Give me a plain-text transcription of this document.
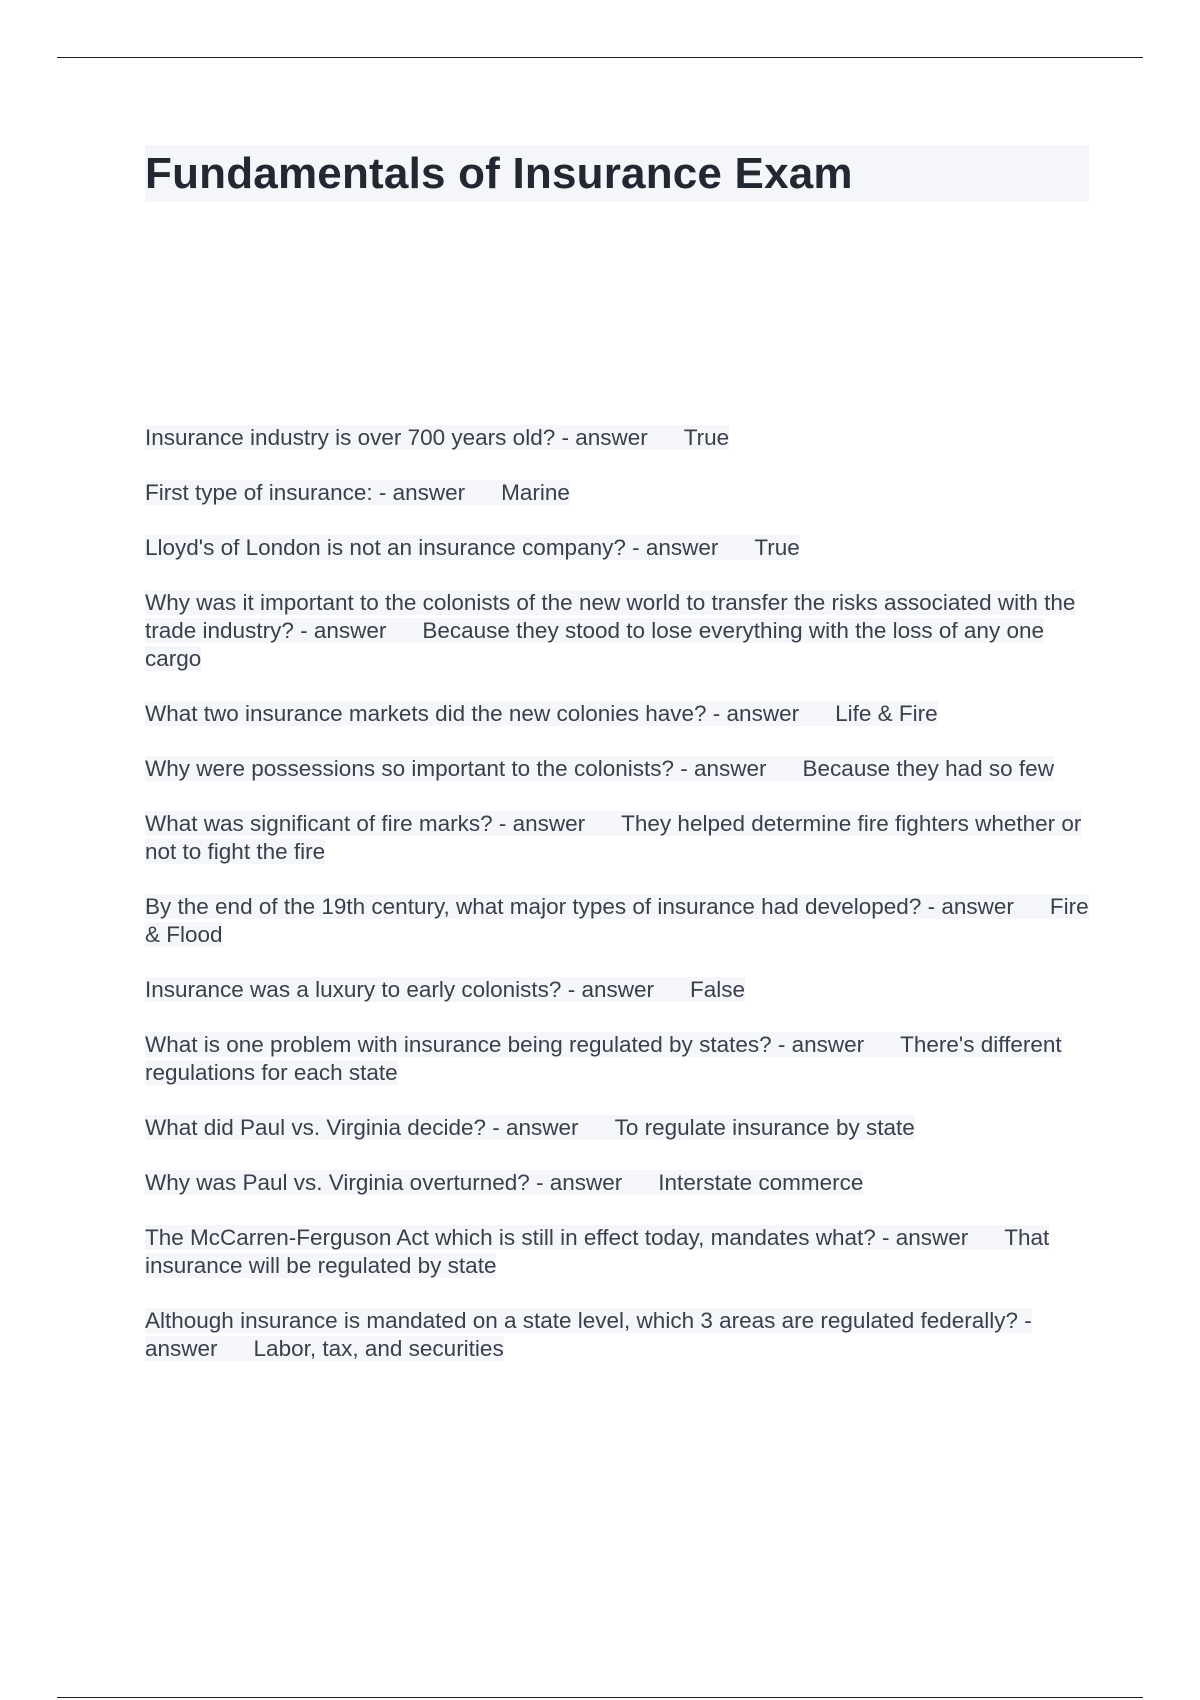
Fundamentals of Insurance Exam
Insurance industry is over 700 years old? - answer True
First type of insurance: - answer Marine
Lloyd's of London is not an insurance company? - answer True
Why was it important to the colonists of the new world to transfer the risks associated with the trade industry? - answer Because they stood to lose everything with the loss of any one cargo
What two insurance markets did the new colonies have? - answer Life & Fire
Why were possessions so important to the colonists? - answer Because they had so few
What was significant of fire marks? - answer They helped determine fire fighters whether or not to fight the fire
By the end of the 19th century, what major types of insurance had developed? - answer Fire & Flood
Insurance was a luxury to early colonists? - answer False
What is one problem with insurance being regulated by states? - answer There's different regulations for each state
What did Paul vs. Virginia decide? - answer To regulate insurance by state
Why was Paul vs. Virginia overturned? - answer Interstate commerce
The McCarren-Ferguson Act which is still in effect today, mandates what? - answer That insurance will be regulated by state
Although insurance is mandated on a state level, which 3 areas are regulated federally? - answer Labor, tax, and securities
